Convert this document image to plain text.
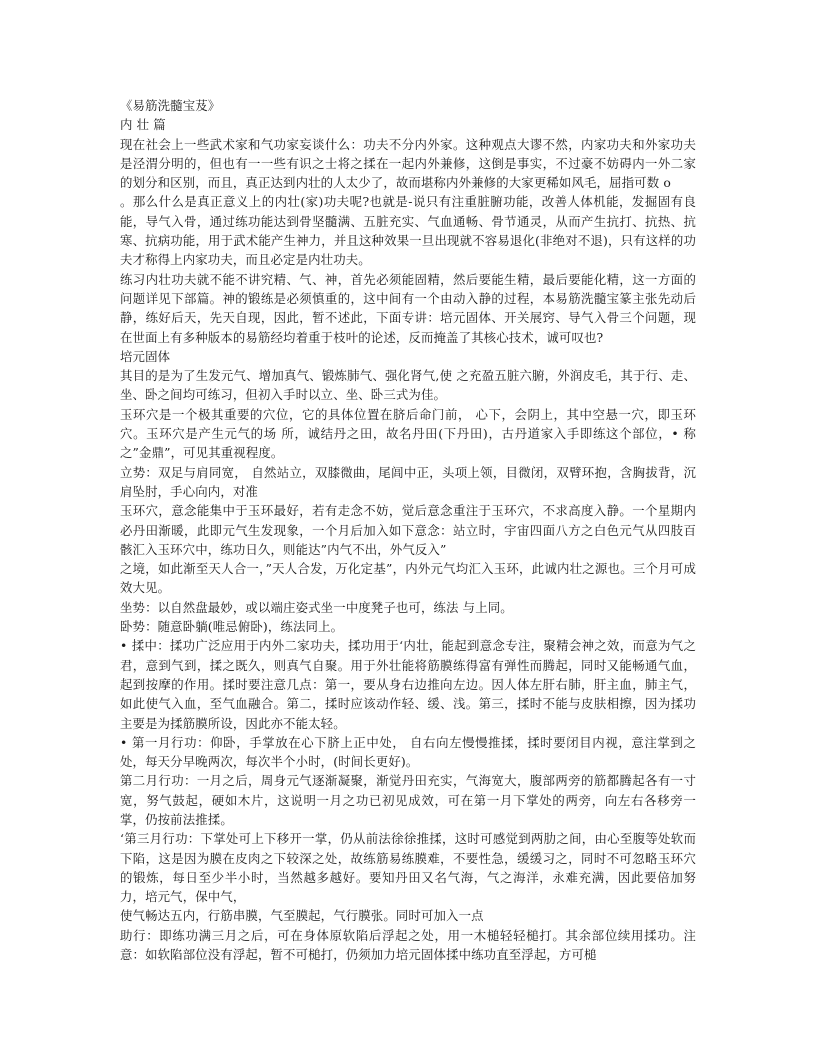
《易筋洗髓宝芨》

内 壮 篇

现在社会上一些武术家和气功家妄谈什么：功夫不分内外家。这种观点大谬不然，内家功夫和外家功夫是泾渭分明的，但也有一一些有识之士将之揉在一起内外兼修，这倒是事实，不过豪不妨碍内一外二家的划分和区别，而且，真正达到内壮的人太少了，故而堪称内外兼修的大家更稀如风毛，屈指可数 o

。那么什么是真正意义上的内壮(家)功夫呢?也就是-说只有注重脏腑功能，改善人体机能，发掘固有良能，导气入骨，通过练功能达到骨坚髓满、五脏充实、气血通畅、骨节通灵，从而产生抗打、抗热、抗寒、抗病功能，用于武术能产生神力，并且这种效果一旦出现就不容易退化(非绝对不退)，只有这样的功夫才称得上内家功夫，而且必定是内壮功夫。

练习内壮功夫就不能不讲究精、气、神，首先必须能固精，然后要能生精，最后要能化精，这一方面的问题详见下部篇。神的锻练是必须慎重的，这中间有一个由动入静的过程，本易筋洗髓宝篆主张先动后静，练好后天，先天自现，因此，暂不述此，下面专讲：培元固体、开关展窍、导气入骨三个问题，现在世面上有多种版本的易筋经均着重于枝叶的论述，反而掩盖了其核心技术，诚可叹也?

培元固体

其目的是为了生发元气、增加真气、锻炼肺气、强化肾气,使 之充盈五脏六腑，外润皮毛，其于行、走、坐、卧之间均可练习，但初入手时以立、坐、卧三式为佳。

玉环穴是一个极其重要的穴位，它的具体位置在脐后命门前， 心下，会阴上，其中空悬一穴，即玉环穴。玉环穴是产生元气的场 所，诚结丹之田，故名丹田(下丹田)，古丹道家入手即练这个部位，• 称之”金鼎”，可见其重视程度。

立势：双足与肩同宽， 自然站立，双膝微曲，尾闾中正，头项上领，目微闭，双臂环抱，含胸拔背，沉肩坠肘，手心向内，对准

玉环穴，意念能集中于玉环最好，若有走念不妨，觉后意念重注于玉环穴，不求高度入静。一个星期内必丹田渐暖，此即元气生发现象，一个月后加入如下意念：站立时，宇宙四面八方之白色元气从四肢百骸汇入玉环穴中，练功日久，则能达”内气不出，外气反入”

之境，如此渐至天人合一，”天人合发，万化定基”，内外元气均汇入玉环，此诚内壮之源也。三个月可成效大见。

坐势：以自然盘最妙，或以端庄姿式坐一中度凳子也可，练法 与上同。

卧势：随意卧躺(唯忌俯卧)，练法同上。

• 揉中：揉功广泛应用于内外二家功夫，揉功用于‘内壮，能起到意念专注，聚精会神之效，而意为气之君，意到气到，揉之既久，则真气自聚。用于外壮能将筋膜练得富有弹性而腾起，同时又能畅通气血，起到按摩的作用。揉时要注意几点：第一，要从身右边推向左边。因人体左肝右肺，肝主血，肺主气，如此使气入血，至气血融合。第二，揉时应该动作轻、缓、浅。第三，揉时不能与皮肤相擦，因为揉功主要是为揉筋膜所设，因此亦不能太轻。

• 第一月行功：仰卧，手掌放在心下脐上正中处， 自右向左慢慢推揉，揉时要闭目内视，意注掌到之处，每天分早晚两次，每次半个小时，(时间长更好)。

第二月行功：一月之后，周身元气逐渐凝聚，渐觉丹田充实，气海宽大，腹部两旁的筋都腾起各有一寸宽，努气鼓起，硬如木片，这说明一月之功已初见成效，可在第一月下掌处的两旁，向左右各移旁一掌，仍按前法推揉。

‘第三月行功：下掌处可上下移开一掌，仍从前法徐徐推揉，这时可感觉到两肋之间，由心至腹等处软而下陷，这是因为膜在皮肉之下较深之处，故练筋易练膜难，不要性急，缓缓习之，同时不可忽略玉环穴的锻炼，每日至少半小时，当然越多越好。要知丹田又名气海，气之海洋，永难充满，因此要倍加努力，培元气，保中气，

使气畅达五内，行筋串膜，气至膜起，气行膜张。同时可加入一点

助行：即练功满三月之后，可在身体原软陷后浮起之处，用一木槌轻轻槌打。其余部位续用揉功。注意：如软陷部位没有浮起，暂不可槌打，仍须加力培元固体揉中练功直至浮起，方可槌
